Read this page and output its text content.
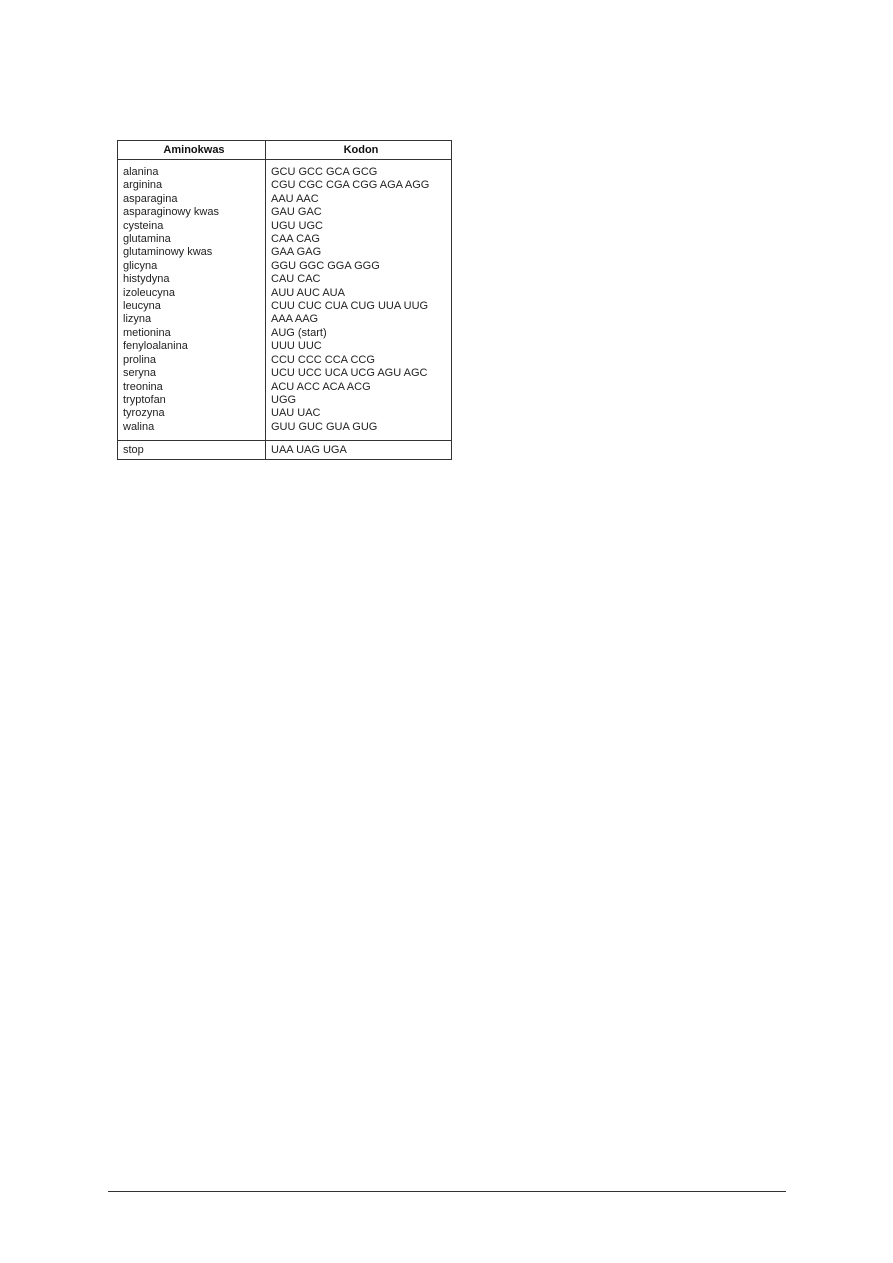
Aminokwas	Kodon
alanina	GCU GCC GCA GCG
arginina	CGU CGC CGA CGG AGA AGG
asparagina	AAU AAC
asparaginowy kwas	GAU GAC
cysteina	UGU UGC
glutamina	CAA CAG
glutaminowy kwas	GAA GAG
glicyna	GGU GGC GGA GGG
histydyna	CAU CAC
izoleucyna	AUU AUC AUA
leucyna	CUU CUC CUA CUG UUA UUG
lizyna	AAA AAG
metionina	AUG (start)
fenyloalanina	UUU UUC
prolina	CCU CCC CCA CCG
seryna	UCU UCC UCA UCG AGU AGC
treonina	ACU ACC ACA ACG
tryptofan	UGG
tyrozyna	UAU UAC
walina	GUU GUC GUA GUG
stop	UAA UAG UGA
